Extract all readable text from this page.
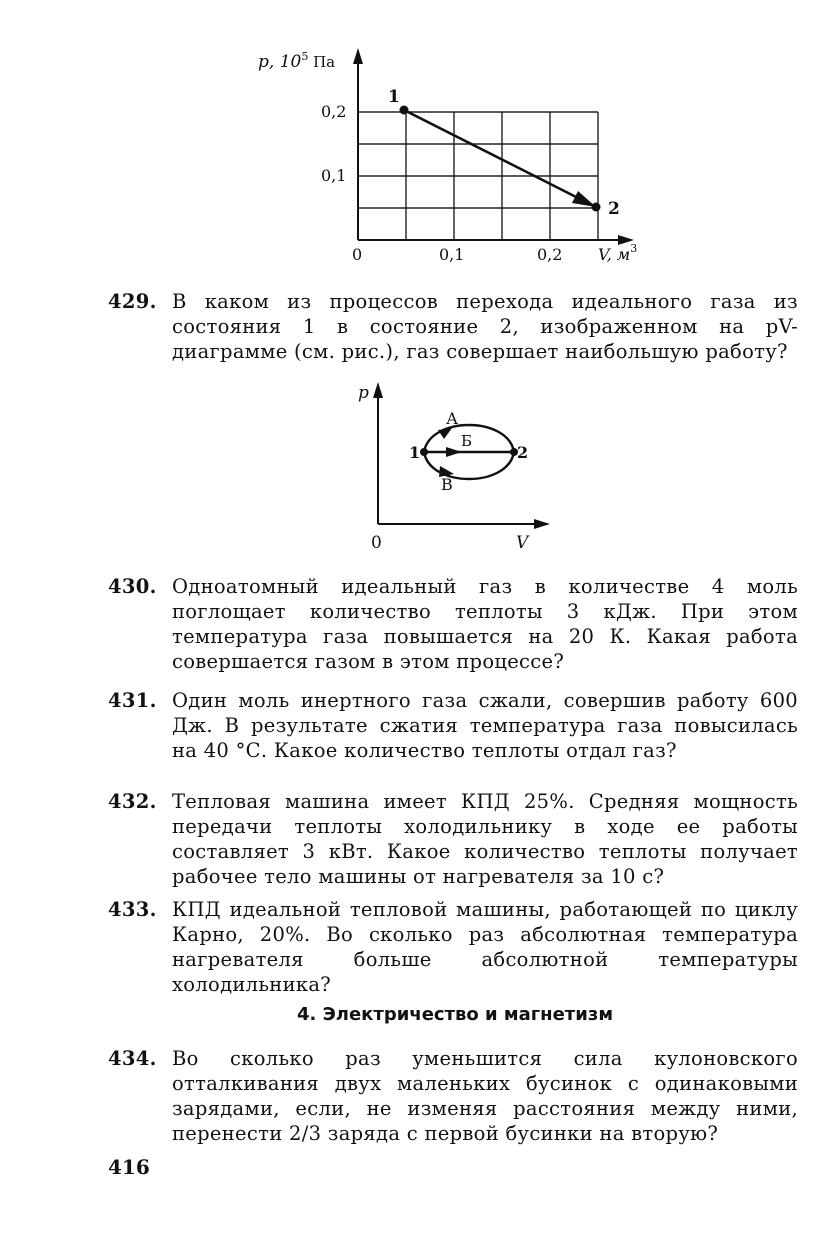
p, $10^5$ Па
0,2
0,1
0	0,1	0,2 V, $м^3$
1
2
429. В каком из процессов перехода идеального газа из состояния 1 в состояние 2, изображенном на pV-диаграмме (см. рис.), газ совершает наибольшую работу?
p
0	V
А
Б
В
1	2
430. Одноатомный идеальный газ в количестве 4 моль поглощает количество теплоты 3 кДж. При этом температура газа повышается на 20 К. Какая работа совершается газом в этом процессе?
431. Один моль инертного газа сжали, совершив работу 600 Дж. В результате сжатия температура газа повысилась на 40 °С. Какое количество теплоты отдал газ?
432. Тепловая машина имеет КПД 25%. Средняя мощность передачи теплоты холодильнику в ходе ее работы составляет 3 кВт. Какое количество теплоты получает рабочее тело машины от нагревателя за 10 с?
433. КПД идеальной тепловой машины, работающей по циклу Карно, 20%. Во сколько раз абсолютная температура нагревателя больше абсолютной температуры холодильника?
4. Электричество и магнетизм
434. Во сколько раз уменьшится сила кулоновского отталкивания двух маленьких бусинок с одинаковыми зарядами, если, не изменяя расстояния между ними, перенести 2/3 заряда с первой бусинки на вторую?
416
